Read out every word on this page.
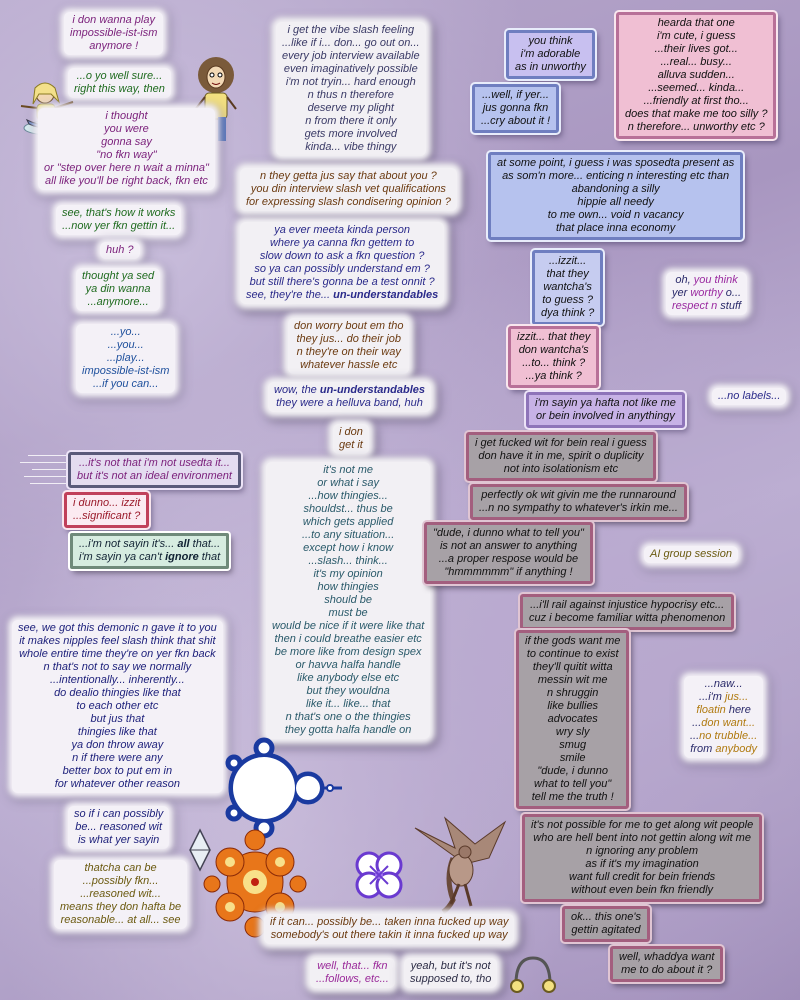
i don wanna play
impossible-ist-ism
anymore !
...o yo well sure...
right this way, then
i thought
you were
gonna say
"no fkn way"
or "step over here n wait a minna"
all like you'll be right back, fkn etc
see, that's how it works
...now yer fkn gettin it...
huh ?
thought ya sed
ya din wanna
...anymore...
...yo...
...you...
...play...
impossible-ist-ism
...if you can...
...it's not that i'm not usedta it...
but it's not an ideal environment
i dunno... izzit
...significant ?
...i'm not sayin it's... all that...
i'm sayin ya can't ignore that
see, we got this demonic n gave it to you
it makes nipples feel slash think that shit
whole entire time they're on yer fkn back
n that's not to say we normally
...intentionally... inherently...
do dealio thingies like that
to each other etc
but jus that
thingies like that
ya don throw away
n if there were any
better box to put em in
for whatever other reason
so if i can possibly
be... reasoned wit
is what yer sayin
thatcha can be
...possibly fkn...
...reasoned wit...
means they don hafta be
reasonable... at all... see
i get the vibe slash feeling
...like if i... don... go out on...
every job interview available
even imaginatively possible
i'm not tryin... hard enough
n thus n therefore
deserve my plight
n from there it only
gets more involved
kinda... vibe thingy
n they getta jus say that about you ?
you din interview slash vet qualifications
for expressing slash condisering opinion ?
ya ever meeta kinda person
where ya canna fkn gettem to
slow down to ask a fkn question ?
so ya can possibly understand em ?
but still there's gonna be a test onnit ?
see, they're the... un-understandables
don worry bout em tho
they jus... do their job
n they're on their way
whatever hassle etc
wow, the un-understandables
they were a helluva band, huh
i don
get it
it's not me
or what i say
...how thingies...
shouldst... thus be
which gets applied
...to any situation...
except how i know
...slash... think...
it's my opinion
how thingies
should be
must be
would be nice if it were like that
then i could breathe easier etc
be more like from design spex
or havva halfa handle
like anybody else etc
but they wouldna
like it... like... that
n that's one o the thingies
they gotta halfa handle on
if it can... possibly be... taken inna fucked up way
somebody's out there takin it inna fucked up way
well, that... fkn
...follows, etc...
yeah, but it's not
supposed to, tho
you think
i'm adorable
as in unworthy
...well, if yer...
jus gonna fkn
...cry about it !
hearda that one
i'm cute, i guess
...their lives got...
...real... busy...
alluva sudden...
...seemed... kinda...
...friendly at first tho...
does that make me too silly ?
n therefore... unworthy etc ?
at some point, i guess i was sposedta present as
as som'n more... enticing n interesting etc than
abandoning a silly
hippie all needy
to me own... void n vacancy
that place inna economy
...izzit...
that they
wantcha's
to guess ?
dya think ?
oh, you think
yer worthy o...
respect n stuff
izzit... that they
don wantcha's
...to... think ?
...ya think ?
...no labels...
i'm sayin ya hafta not like me
or bein involved in anythingy
i get fucked wit for bein real i guess
don have it in me, spirit o duplicity
not into isolationism etc
perfectly ok wit givin me the runnaround
...n no sympathy to whatever's irkin me...
"dude, i dunno what to tell you"
is not an answer to anything
...a proper respose would be
"hmmmmmm" if anything !
AI group session
...i'll rail against injustice hypocrisy etc...
cuz i become familiar witta phenomenon
if the gods want me
to continue to exist
they'll quitit witta
messin wit me
n shruggin
like bullies
advocates
wry sly
smug
smile
"dude, i dunno
what to tell you"
tell me the truth !
...naw...
...i'm jus...
floatin here
...don want...
...no trubble...
from anybody
it's not possible for me to get along wit people
who are hell bent into not gettin along wit me
n ignoring any problem
as if it's my imagination
want full credit for bein friends
without even bein fkn friendly
ok... this one's
gettin agitated
well, whaddya want
me to do about it ?
